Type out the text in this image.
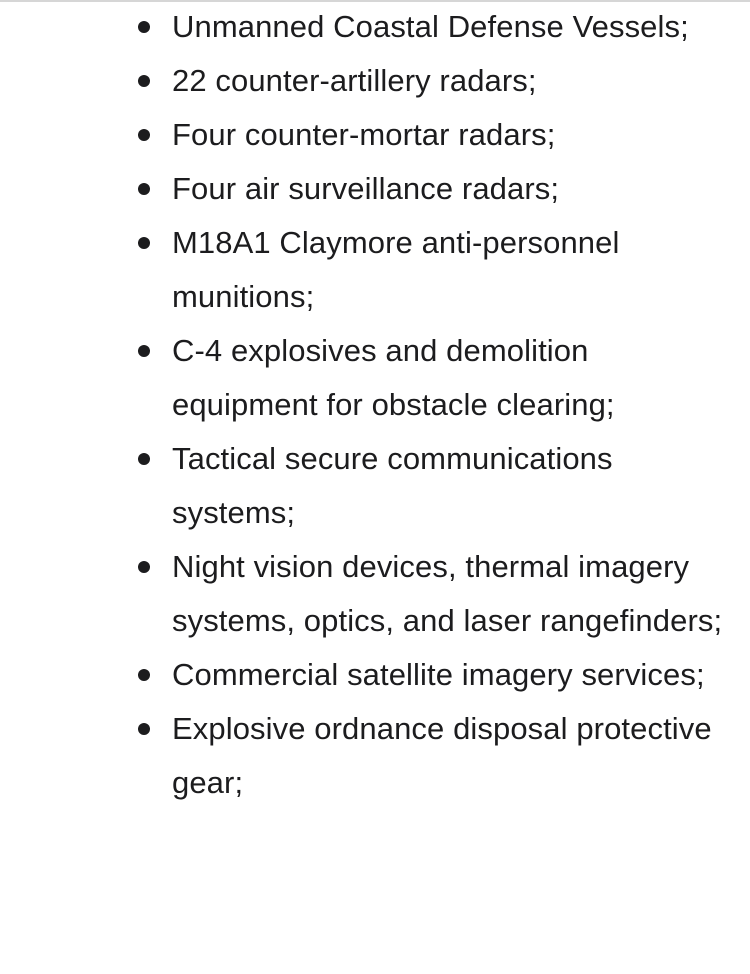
Unmanned Coastal Defense Vessels;
22 counter-artillery radars;
Four counter-mortar radars;
Four air surveillance radars;
M18A1 Claymore anti-personnel munitions;
C-4 explosives and demolition equipment for obstacle clearing;
Tactical secure communications systems;
Night vision devices, thermal imagery systems, optics, and laser rangefinders;
Commercial satellite imagery services;
Explosive ordnance disposal protective gear;
